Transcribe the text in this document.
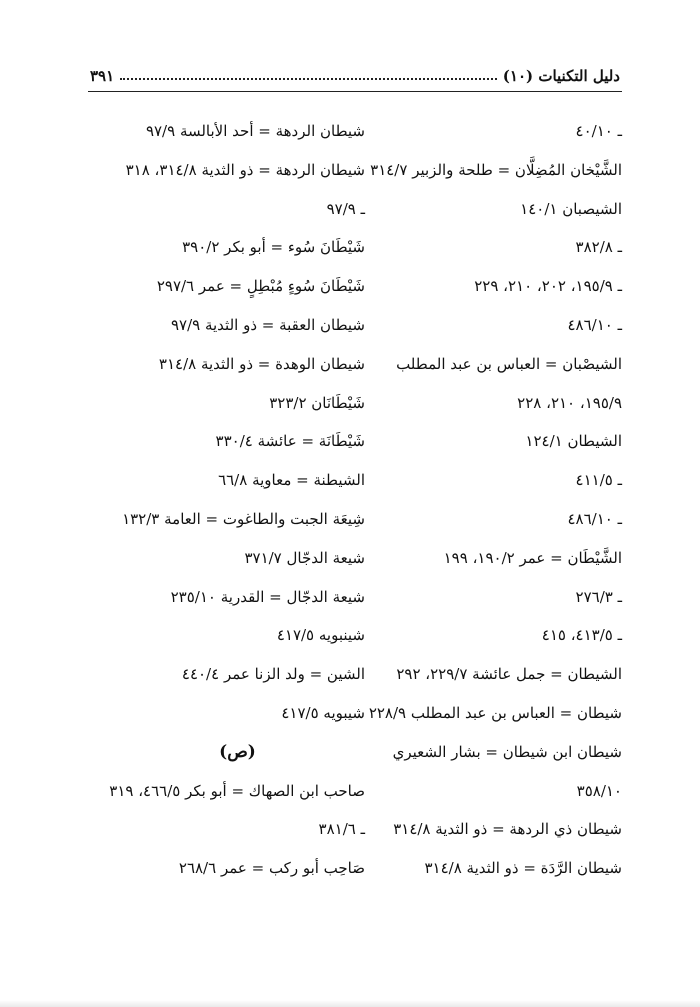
دليل التكنيات (١٠)
٣٩١
ـ ٤٠/١٠
الشَّيْخان المُضِلَّان = طلحة والزبير ٣١٤/٧
الشيصبان ١٤٠/١
ـ ٣٨٢/٨
ـ ١٩٥/٩، ٢٠٢، ٢١٠، ٢٢٩
ـ ٤٨٦/١٠
الشيصْبان = العباس بن عبد المطلب
١٩٥/٩، ٢١٠، ٢٢٨
الشيطان ١٢٤/١
ـ ٤١١/٥
ـ ٤٨٦/١٠
الشَّيْطَان = عمر ١٩٠/٢، ١٩٩
ـ ٢٧٦/٣
ـ ٤١٣/٥، ٤١٥
الشيطان = جمل عائشة ٢٢٩/٧، ٢٩٢
شيطان = العباس بن عبد المطلب ٢٢٨/٩
شيطان ابن شيطان = بشار الشعيري
٣٥٨/١٠
شيطان ذي الردهة = ذو الثدية ٣١٤/٨
شيطان الرَّدَة = ذو الثدية ٣١٤/٨
شيطان الردهة = أحد الأبالسة ٩٧/٩
شيطان الردهة = ذو الثدية ٣١٤/٨، ٣١٨
ـ ٩٧/٩
شَيْطَانَ سُوء = أبو بكر ٣٩٠/٢
شَيْطَانَ سُوءٍ مُبْطِلٍ = عمر ٢٩٧/٦
شيطان العقبة = ذو الثدية ٩٧/٩
شيطان الوهدة = ذو الثدية ٣١٤/٨
شَيْطَانَان ٣٢٣/٢
شَيْطَانَة = عائشة ٣٣٠/٤
الشيطنة = معاوية ٦٦/٨
شِيعَة الجبت والطاغوت = العامة ١٣٢/٣
شيعة الدجّال ٣٧١/٧
شيعة الدجّال = القدرية ٢٣٥/١٠
شينبويه ٤١٧/٥
الشين = ولد الزنا عمر ٤٤٠/٤
شيبويه ٤١٧/٥
(ص)
صاحب ابن الصهاك = أبو بكر ٤٦٦/٥، ٣١٩
ـ ٣٨١/٦
صَاحِب أبو ركب = عمر ٢٦٨/٦
